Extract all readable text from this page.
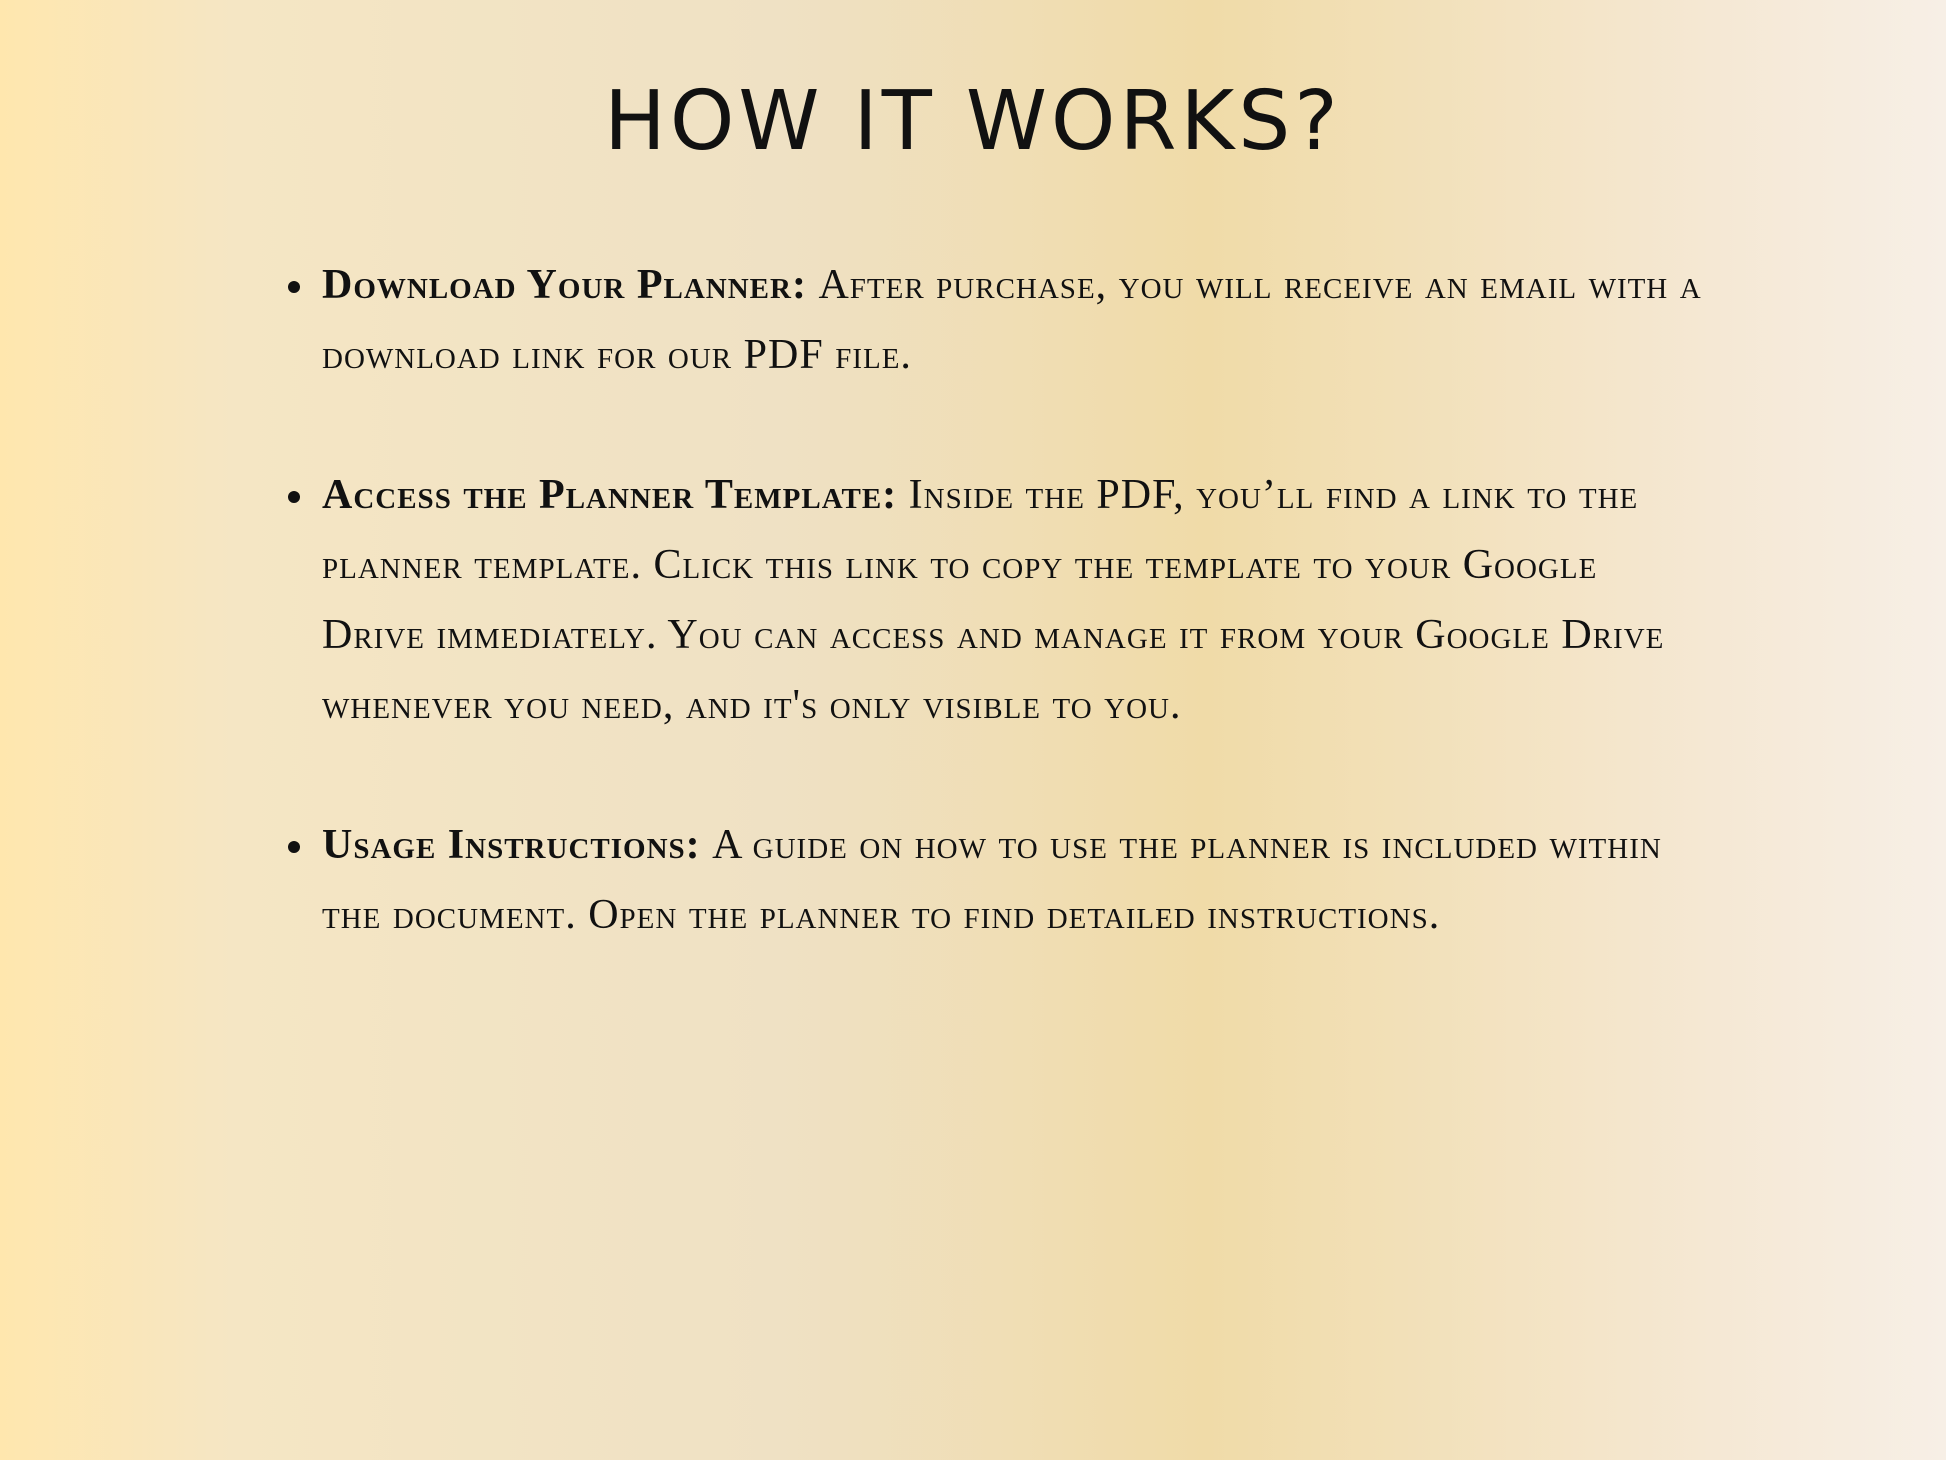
HOW IT WORKS?
Download Your Planner: After purchase, you will receive an email with a download link for our PDF file.
Access the Planner Template: Inside the PDF, you’ll find a link to the planner template. Click this link to copy the template to your Google Drive immediately. You can access and manage it from your Google Drive whenever you need, and it's only visible to you.
Usage Instructions: A guide on how to use the planner is included within the document. Open the planner to find detailed instructions.
